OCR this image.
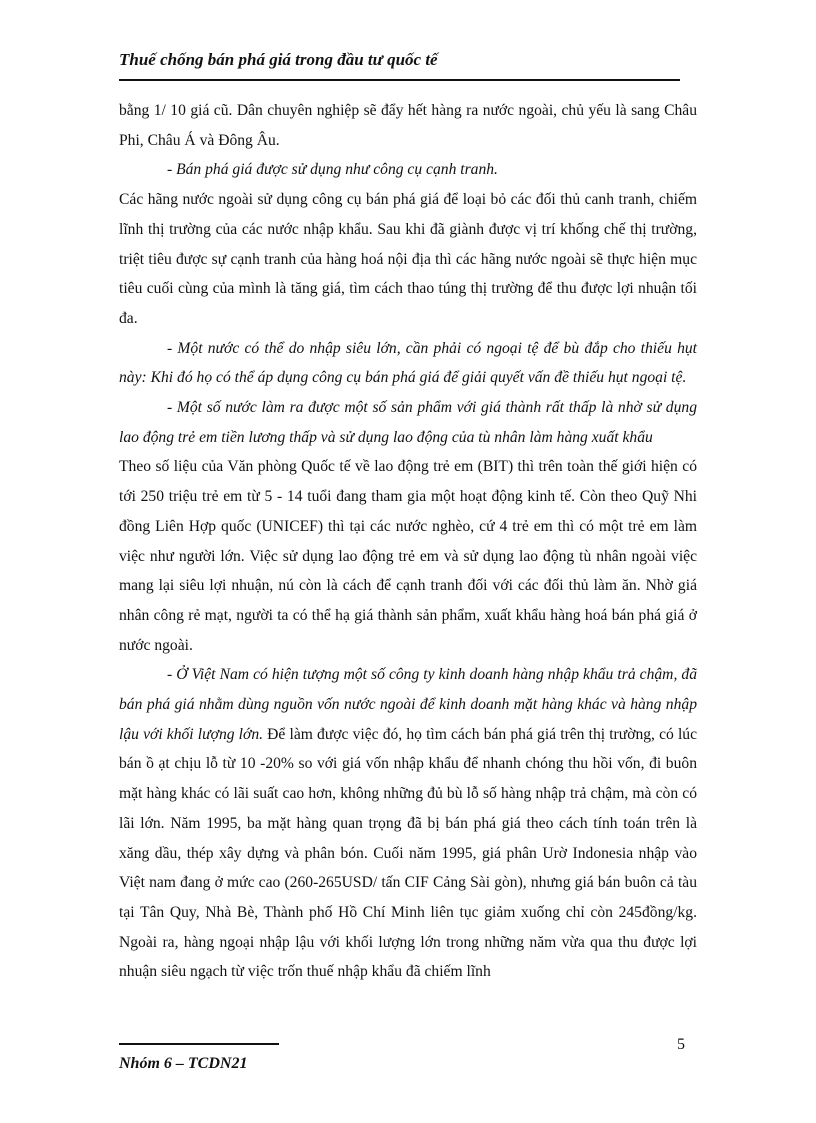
Thuế chống bán phá giá trong đầu tư quốc tế

bằng 1/ 10 giá cũ. Dân chuyên nghiệp sẽ đẩy hết hàng ra nước ngoài, chủ yếu là sang Châu Phi, Châu Á và Đông Âu.

- Bán phá giá được sử dụng như công cụ cạnh tranh.

Các hãng nước ngoài sử dụng công cụ bán phá giá để loại bỏ các đối thủ canh tranh, chiếm lĩnh thị trường của các nước nhập khẩu. Sau khi đã giành được vị trí khống chế thị trường, triệt tiêu được sự cạnh tranh của hàng hoá nội địa thì các hãng nước ngoài sẽ thực hiện mục tiêu cuối cùng của mình là tăng giá, tìm cách thao túng thị trường để thu được lợi nhuận tối đa.

- Một nước có thể do nhập siêu lớn, cần phải có ngoại tệ để bù đắp cho thiếu hụt này: Khi đó họ có thể áp dụng công cụ bán phá giá để giải quyết vấn đề thiếu hụt ngoại tệ.

- Một số nước làm ra được một số sản phẩm với giá thành rất thấp là nhờ sử dụng lao động trẻ em tiền lương thấp và sử dụng lao động của tù nhân làm hàng xuất khẩu

Theo số liệu của Văn phòng Quốc tế về lao động trẻ em (BIT) thì trên toàn thế giới hiện có tới 250 triệu trẻ em từ 5 - 14 tuổi đang tham gia một hoạt động kinh tế. Còn theo Quỹ Nhi đồng Liên Hợp quốc (UNICEF) thì tại các nước nghèo, cứ 4 trẻ em thì có một trẻ em làm việc như người lớn. Việc sử dụng lao động trẻ em và sử dụng lao động tù nhân ngoài việc mang lại siêu lợi nhuận, nú còn là cách để cạnh tranh đối với các đối thủ làm ăn. Nhờ giá nhân công rẻ mạt, người ta có thể hạ giá thành sản phẩm, xuất khẩu hàng hoá bán phá giá ở nước ngoài.

- Ở Việt Nam có hiện tượng một số công ty kinh doanh hàng nhập khẩu trả chậm, đã bán phá giá nhằm dùng nguồn vốn nước ngoài để kinh doanh mặt hàng khác và hàng nhập lậu với khối lượng lớn. Để làm được việc đó, họ tìm cách bán phá giá trên thị trường, có lúc bán ồ ạt chịu lỗ từ 10 -20% so với giá vốn nhập khẩu để nhanh chóng thu hồi vốn, đi buôn mặt hàng khác có lãi suất cao hơn, không những đủ bù lỗ số hàng nhập trả chậm, mà còn có lãi lớn. Năm 1995, ba mặt hàng quan trọng đã bị bán phá giá theo cách tính toán trên là xăng dầu, thép xây dựng và phân bón. Cuối năm 1995, giá phân Urờ Indonesia nhập vào Việt nam đang ở mức cao (260-265USD/ tấn CIF Cảng Sài gòn), nhưng giá bán buôn cả tàu tại Tân Quy, Nhà Bè, Thành phố Hồ Chí Minh liên tục giảm xuống chỉ còn 245đồng/kg. Ngoài ra, hàng ngoại nhập lậu với khối lượng lớn trong những năm vừa qua thu được lợi nhuận siêu ngạch từ việc trốn thuế nhập khẩu đã chiếm lĩnh

5
Nhóm 6 – TCDN21
